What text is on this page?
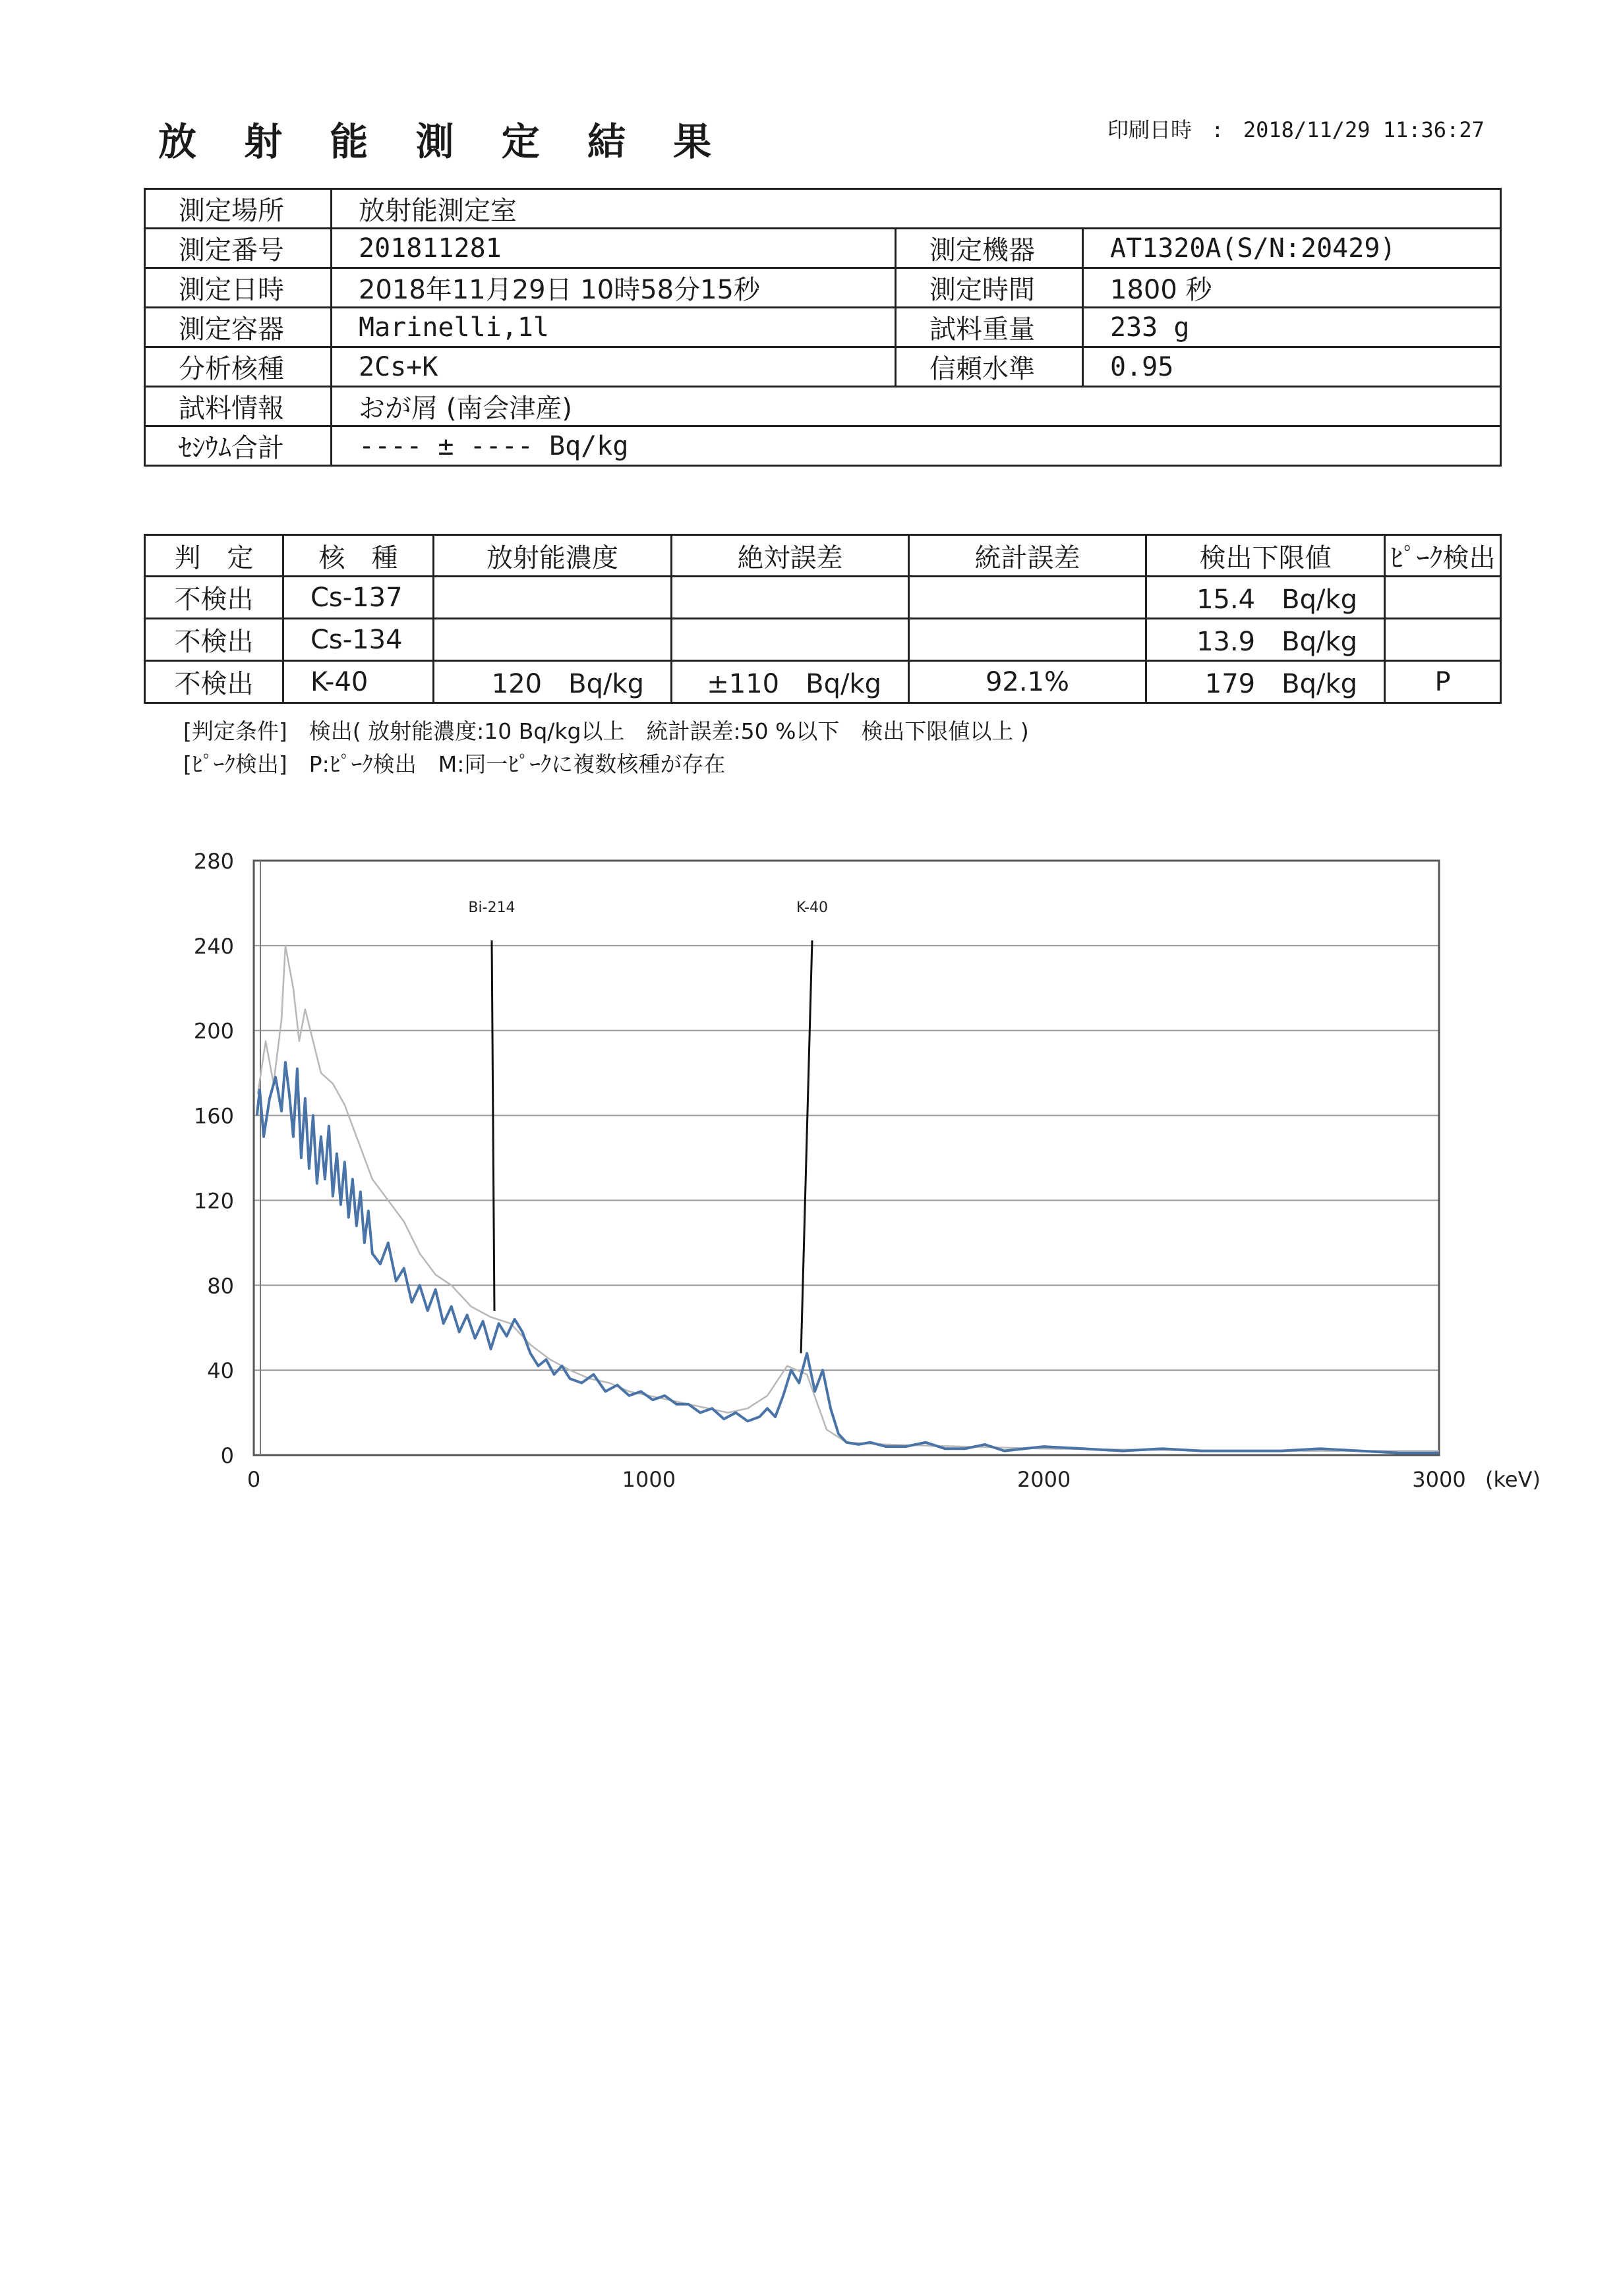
放 射 能 測 定 結 果	印刷日時 : 2018/11/29 11:36:27
測定場所	放射能測定室		
測定番号	201811281	測定機器	AT1320A(S/N:20429)
測定日時	2018年11月29日 10時58分15秒	測定時間	1800 秒
測定容器	Marinelli,1l	試料重量	233 g
分析核種	2Cs+K	信頼水準	0.95
試料情報	おが屑 (南会津産)		
ｾｼｳﾑ合計	---- ± ---- Bq/kg		
判　定	核　種	放射能濃度	絶対誤差	統計誤差	検出下限値	ﾋﾟｰｸ検出
不検出	Cs-137				15.4　Bq/kg	
不検出	Cs-134				13.9　Bq/kg	
不検出	K-40	120　Bq/kg	±110　Bq/kg	92.1%	179　Bq/kg	P
[判定条件]　検出( 放射能濃度:10 Bq/kg以上　統計誤差:50 %以下　検出下限値以上 )
[ﾋﾟｰｸ検出]　P:ﾋﾟｰｸ検出　M:同一ﾋﾟｰｸに複数核種が存在
0
40
80
120
160
200
240
280
0	1000	2000	3000 (keV)
Bi-214	K-40
